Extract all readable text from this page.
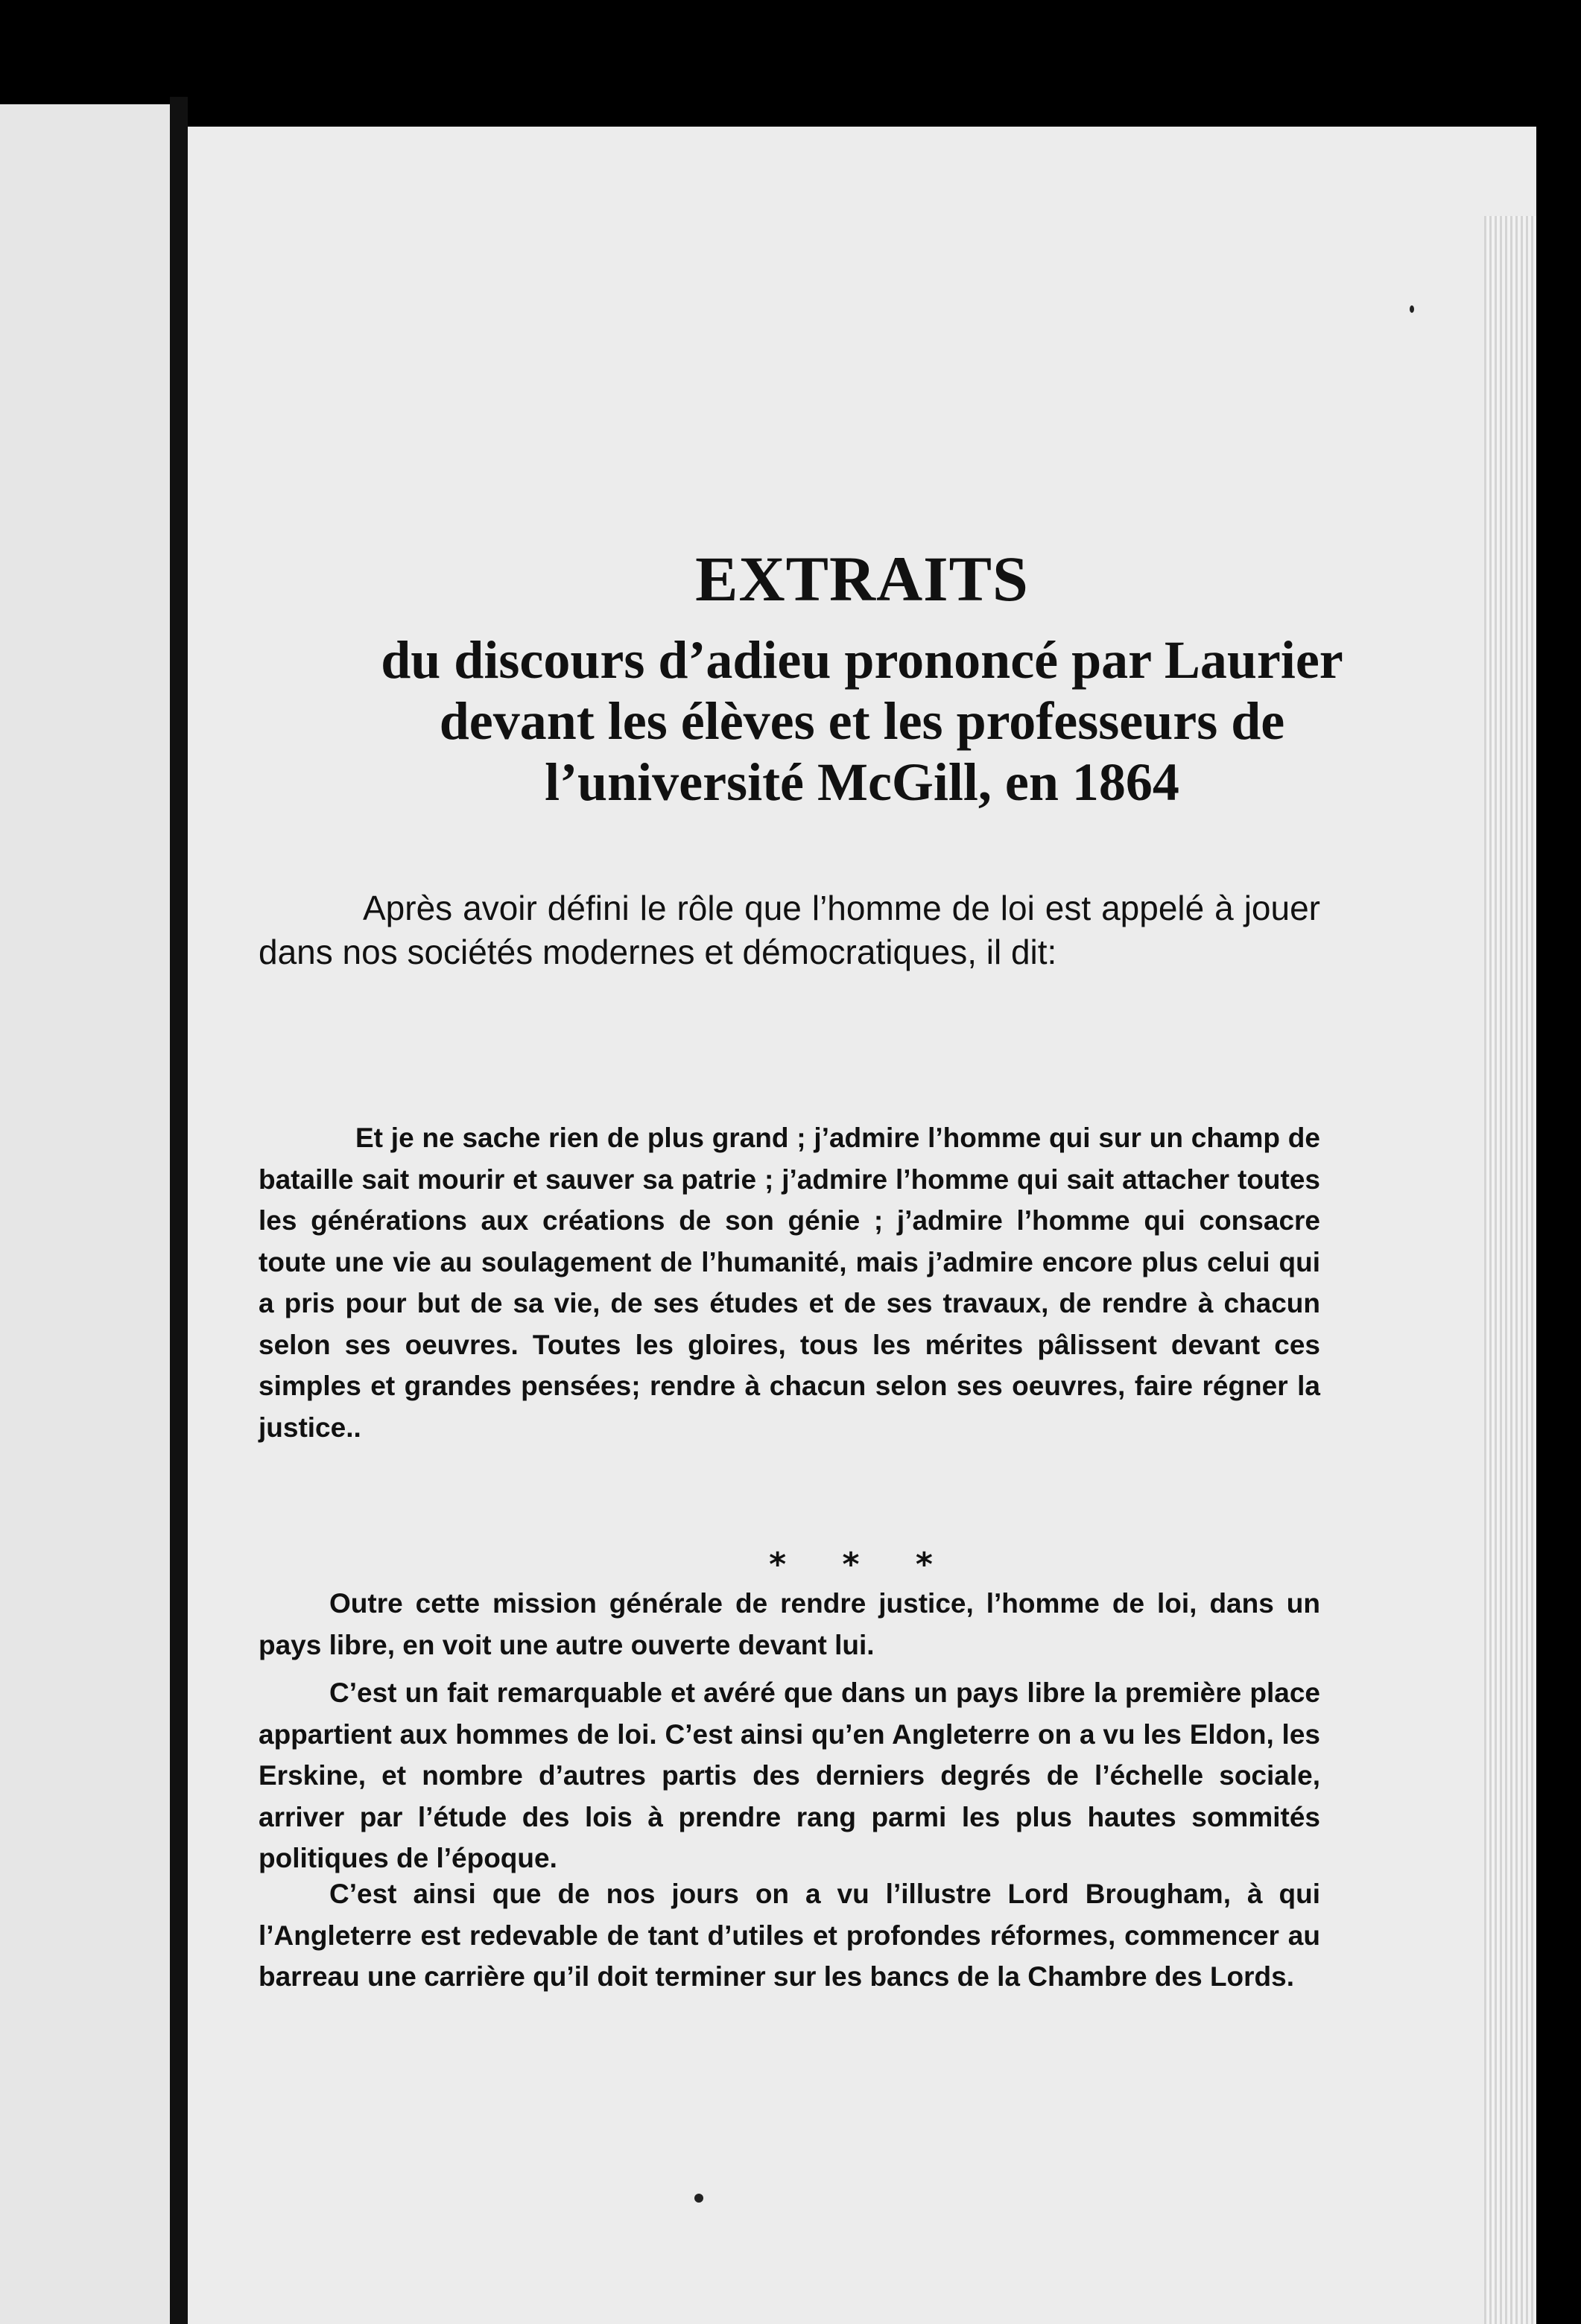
EXTRAITS
du discours d’adieu prononcé par Laurier devant les élèves et les professeurs de l’université McGill, en 1864

Après avoir défini le rôle que l’homme de loi est appelé à jouer dans nos sociétés modernes et démocratiques, il dit:

Et je ne sache rien de plus grand ; j’admire l’homme qui sur un champ de bataille sait mourir et sauver sa patrie ; j’admire l’homme qui sait attacher toutes les générations aux créations de son génie ; j’admire l’homme qui consacre toute une vie au soulagement de l’humanité, mais j’admire encore plus celui qui a pris pour but de sa vie, de ses études et de ses travaux, de rendre à chacun selon ses oeuvres. Toutes les gloires, tous les mérites pâlissent devant ces simples et grandes pensées; rendre à chacun selon ses oeuvres, faire régner la justice..

* * *

Outre cette mission générale de rendre justice, l’homme de loi, dans un pays libre, en voit une autre ouverte devant lui.

C’est un fait remarquable et avéré que dans un pays libre la première place appartient aux hommes de loi. C’est ainsi qu’en Angleterre on a vu les Eldon, les Erskine, et nombre d’autres partis des derniers degrés de l’échelle sociale, arriver par l’étude des lois à prendre rang parmi les plus hautes sommités politiques de l’époque.

C’est ainsi que de nos jours on a vu l’illustre Lord Brougham, à qui l’Angleterre est redevable de tant d’utiles et profondes réformes, commencer au barreau une carrière qu’il doit terminer sur les bancs de la Chambre des Lords.
